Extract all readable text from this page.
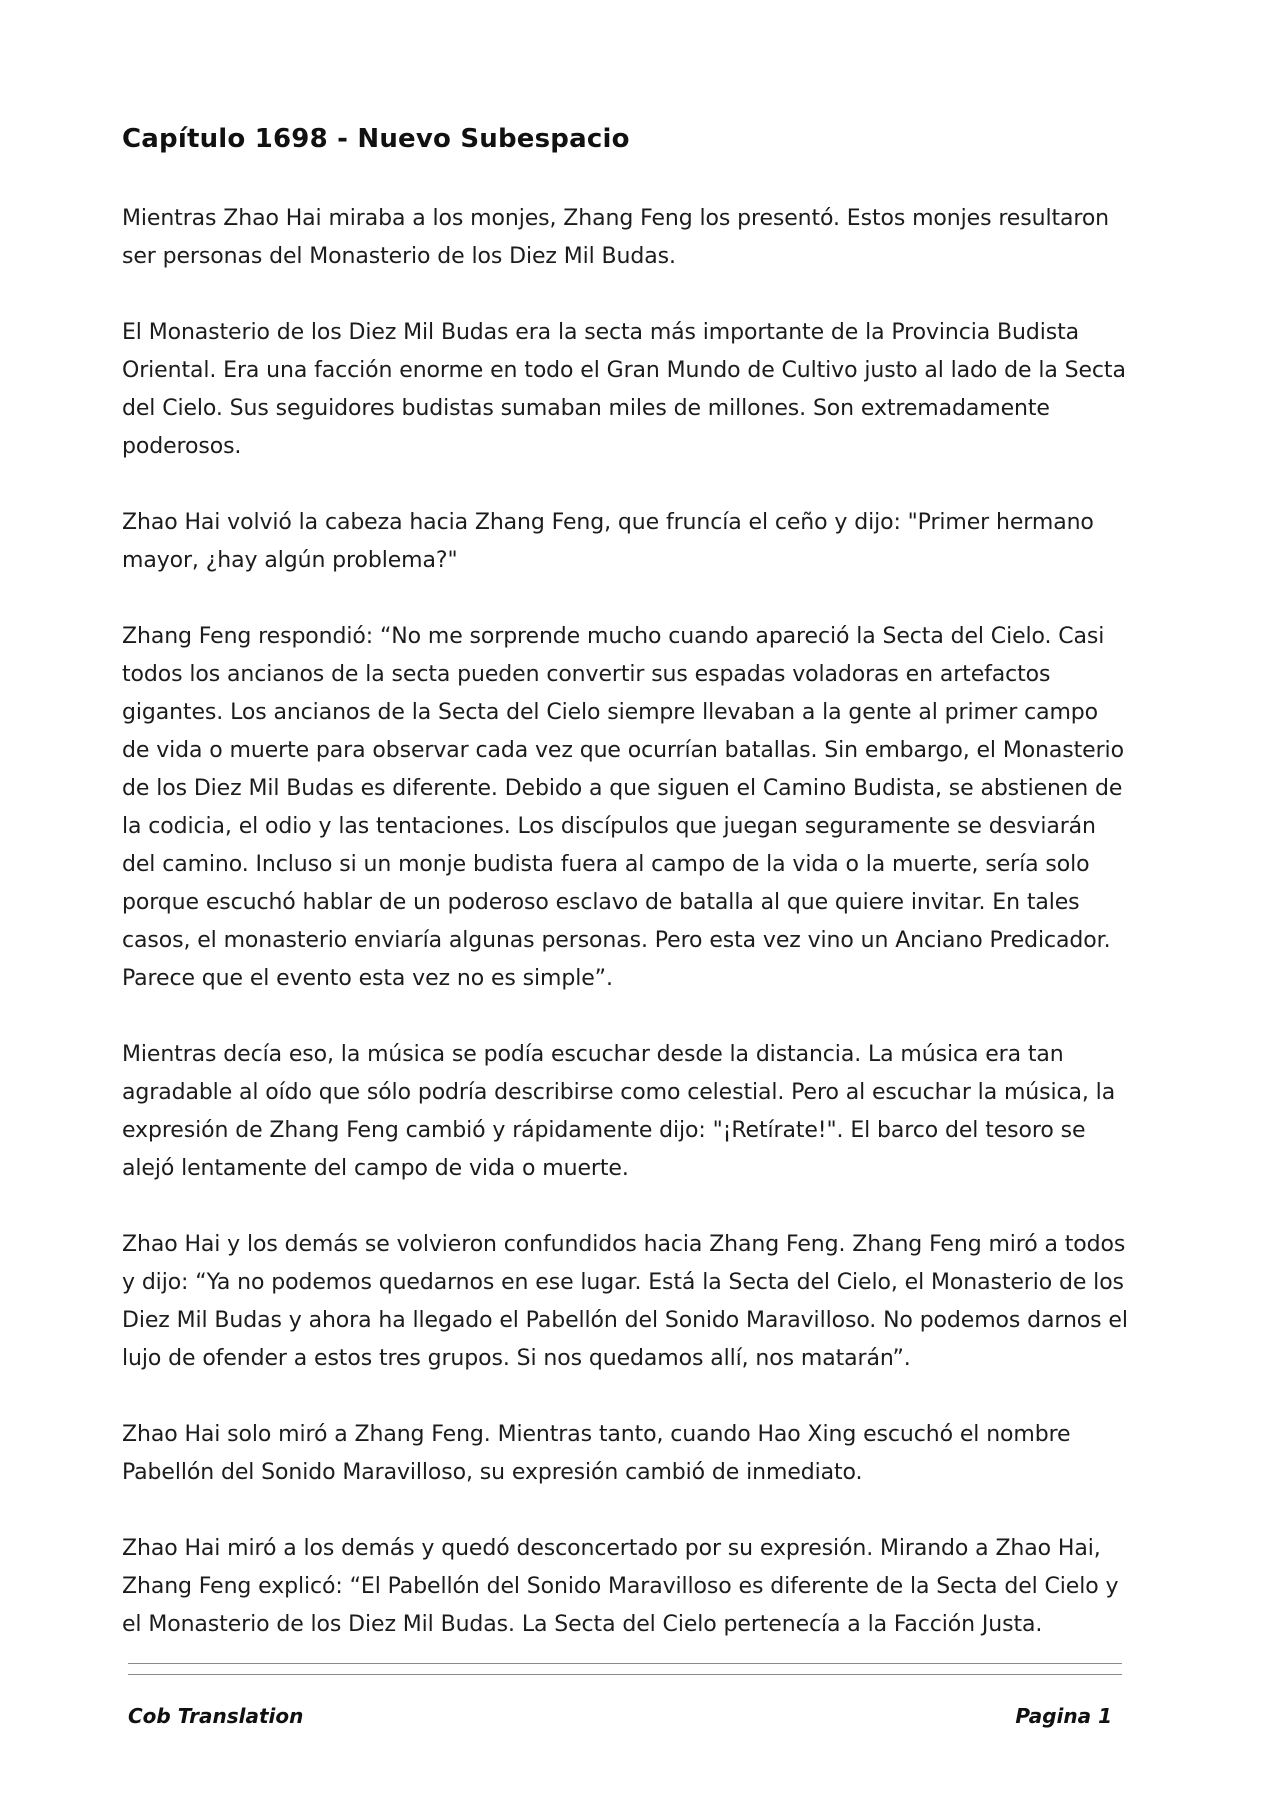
Capítulo 1698 - Nuevo Subespacio

Mientras Zhao Hai miraba a los monjes, Zhang Feng los presentó. Estos monjes resultaron ser personas del Monasterio de los Diez Mil Budas.

El Monasterio de los Diez Mil Budas era la secta más importante de la Provincia Budista Oriental. Era una facción enorme en todo el Gran Mundo de Cultivo justo al lado de la Secta del Cielo. Sus seguidores budistas sumaban miles de millones. Son extremadamente poderosos.

Zhao Hai volvió la cabeza hacia Zhang Feng, que fruncía el ceño y dijo: "Primer hermano mayor, ¿hay algún problema?"

Zhang Feng respondió: “No me sorprende mucho cuando apareció la Secta del Cielo. Casi todos los ancianos de la secta pueden convertir sus espadas voladoras en artefactos gigantes. Los ancianos de la Secta del Cielo siempre llevaban a la gente al primer campo de vida o muerte para observar cada vez que ocurrían batallas. Sin embargo, el Monasterio de los Diez Mil Budas es diferente. Debido a que siguen el Camino Budista, se abstienen de la codicia, el odio y las tentaciones. Los discípulos que juegan seguramente se desviarán del camino. Incluso si un monje budista fuera al campo de la vida o la muerte, sería solo porque escuchó hablar de un poderoso esclavo de batalla al que quiere invitar. En tales casos, el monasterio enviaría algunas personas. Pero esta vez vino un Anciano Predicador. Parece que el evento esta vez no es simple”.

Mientras decía eso, la música se podía escuchar desde la distancia. La música era tan agradable al oído que sólo podría describirse como celestial. Pero al escuchar la música, la expresión de Zhang Feng cambió y rápidamente dijo: "¡Retírate!". El barco del tesoro se alejó lentamente del campo de vida o muerte.

Zhao Hai y los demás se volvieron confundidos hacia Zhang Feng. Zhang Feng miró a todos y dijo: “Ya no podemos quedarnos en ese lugar. Está la Secta del Cielo, el Monasterio de los Diez Mil Budas y ahora ha llegado el Pabellón del Sonido Maravilloso. No podemos darnos el lujo de ofender a estos tres grupos. Si nos quedamos allí, nos matarán”.

Zhao Hai solo miró a Zhang Feng. Mientras tanto, cuando Hao Xing escuchó el nombre Pabellón del Sonido Maravilloso, su expresión cambió de inmediato.

Zhao Hai miró a los demás y quedó desconcertado por su expresión. Mirando a Zhao Hai, Zhang Feng explicó: “El Pabellón del Sonido Maravilloso es diferente de la Secta del Cielo y el Monasterio de los Diez Mil Budas. La Secta del Cielo pertenecía a la Facción Justa.

Cob Translation	Pagina 1
